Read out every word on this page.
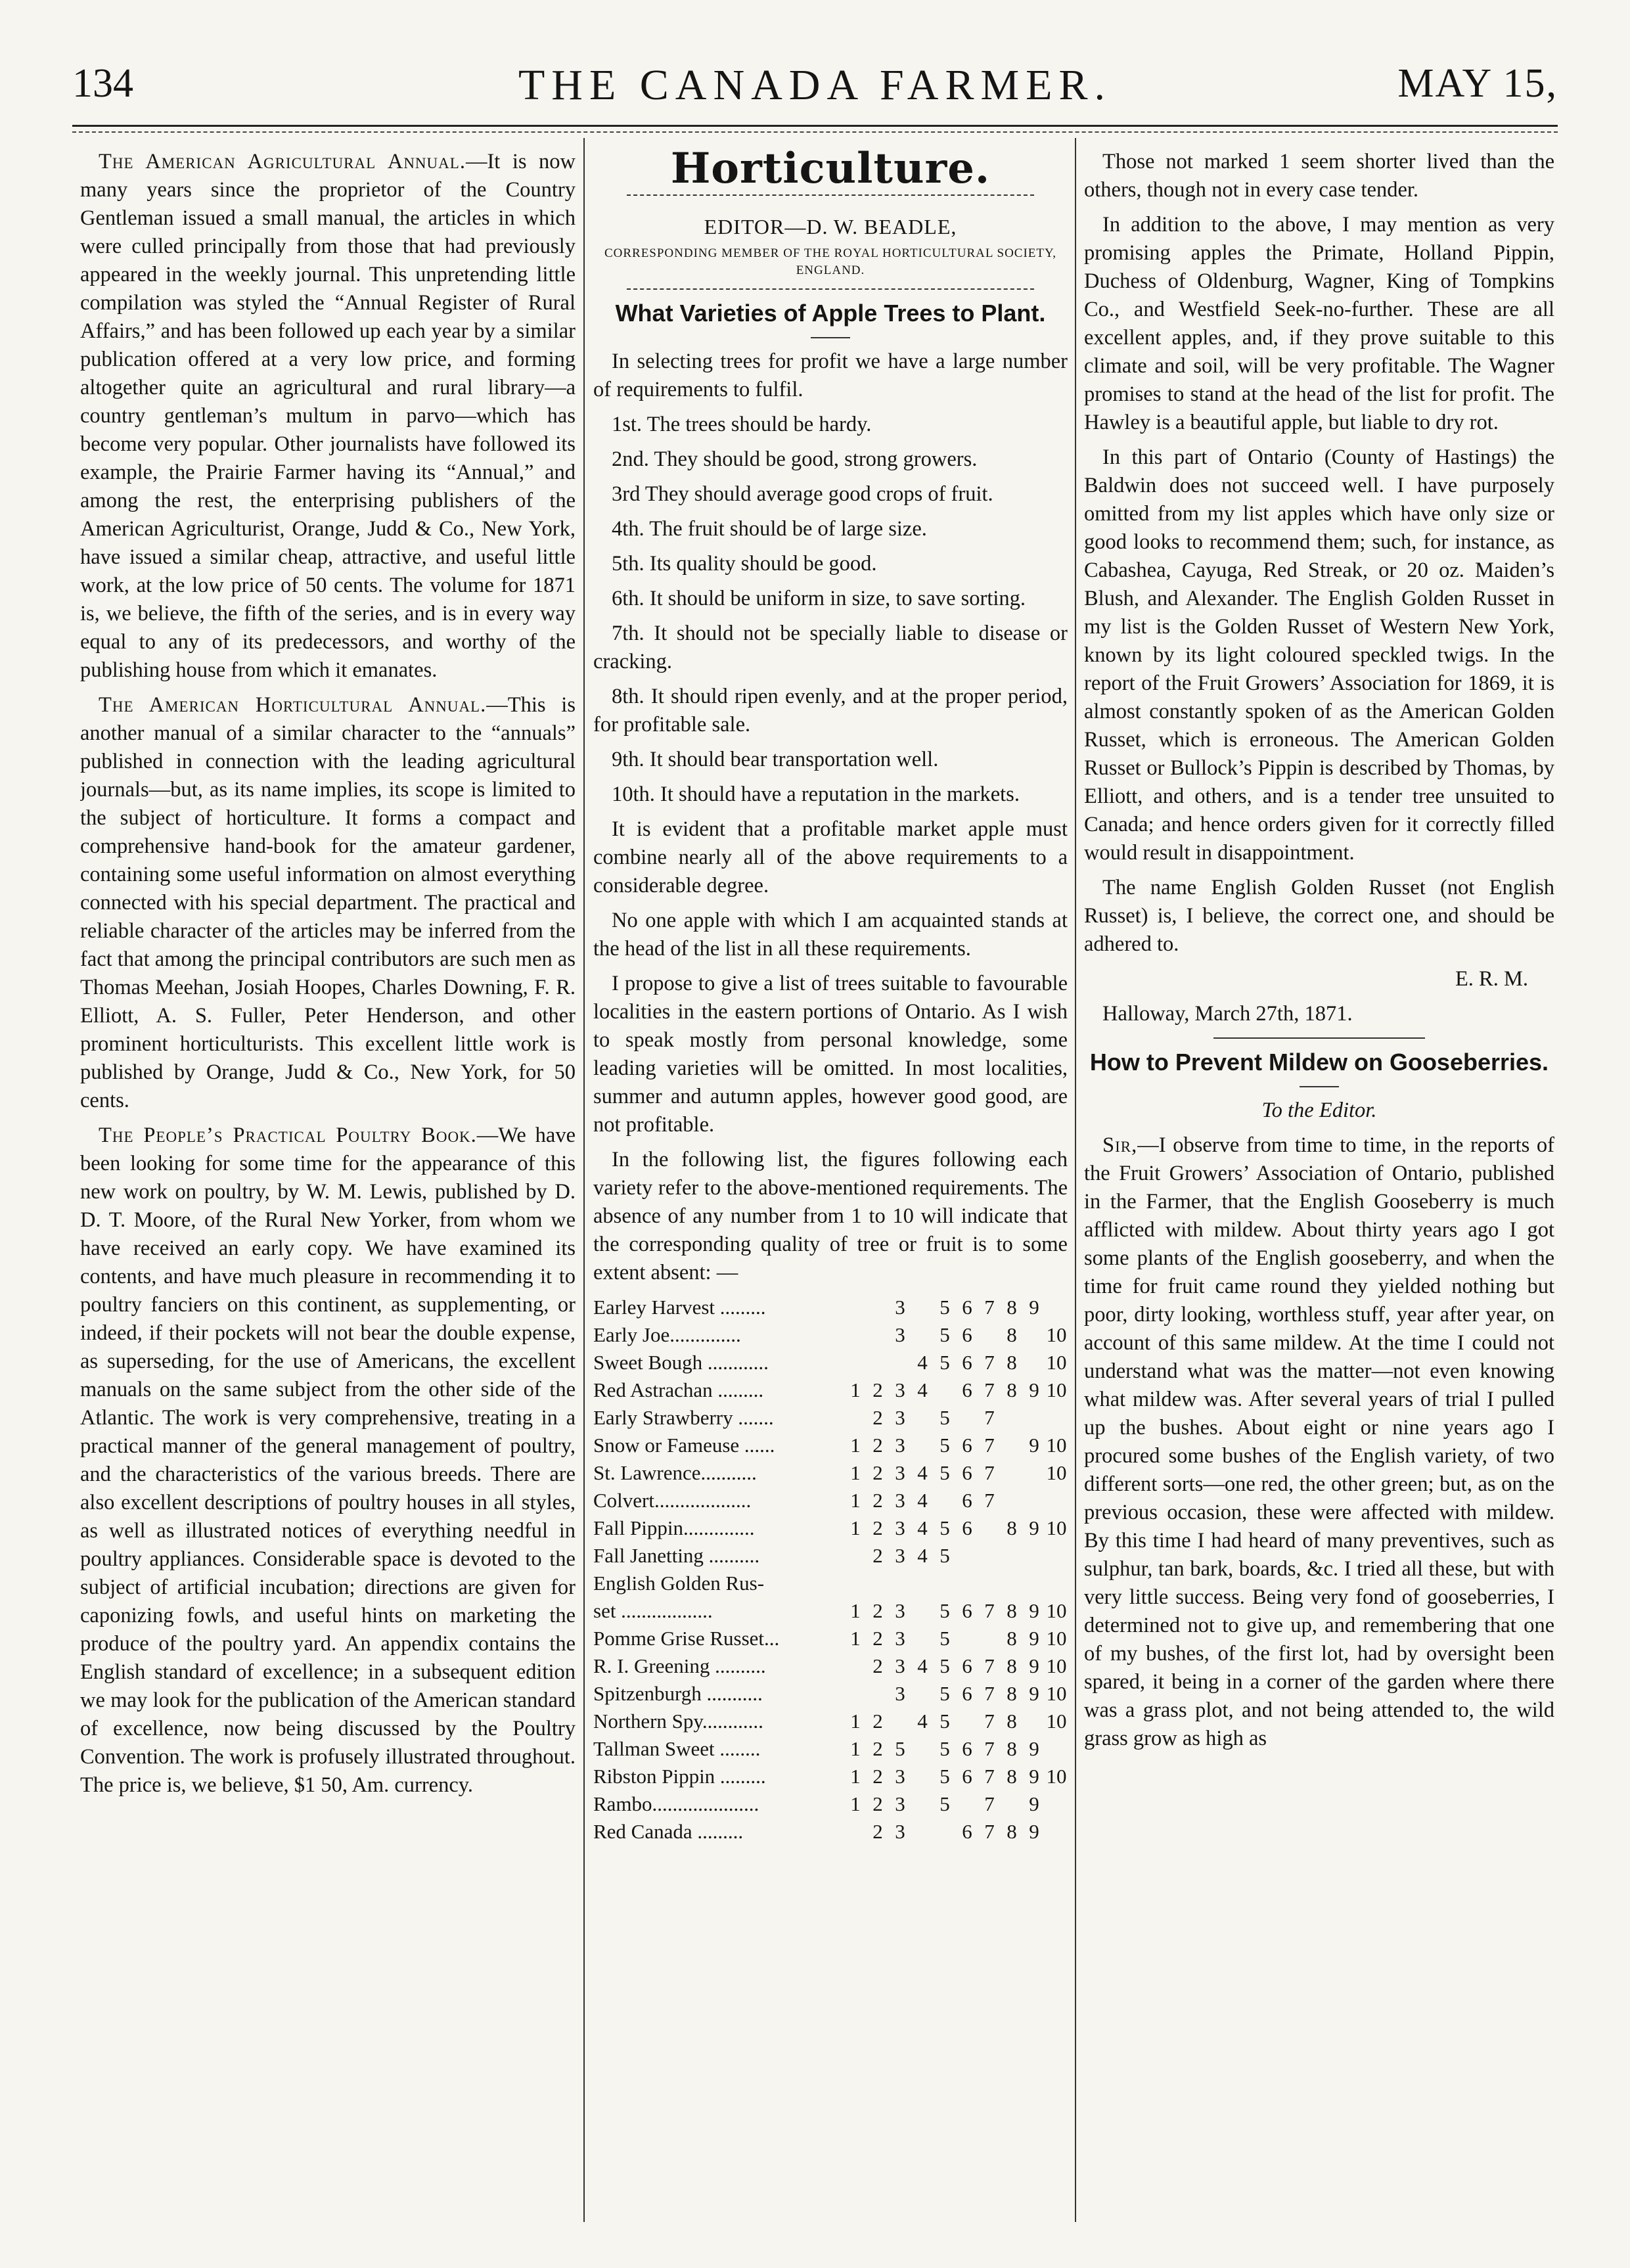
134	THE CANADA FARMER.	MAY 15,

The American Agricultural Annual.—It is now many years since the proprietor of the Country Gentleman issued a small manual, the articles in which were culled principally from those that had previously appeared in the weekly journal. This unpretending little compilation was styled the “Annual Register of Rural Affairs,” and has been followed up each year by a similar publication offered at a very low price, and forming altogether quite an agricultural and rural library—a country gentleman’s multum in parvo—which has become very popular. Other journalists have followed its example, the Prairie Farmer having its “Annual,” and among the rest, the enterprising publishers of the American Agriculturist, Orange, Judd & Co., New York, have issued a similar cheap, attractive, and useful little work, at the low price of 50 cents. The volume for 1871 is, we believe, the fifth of the series, and is in every way equal to any of its predecessors, and worthy of the publishing house from which it emanates.

The American Horticultural Annual.—This is another manual of a similar character to the “annuals” published in connection with the leading agricultural journals—but, as its name implies, its scope is limited to the subject of horticulture. It forms a compact and comprehensive hand-book for the amateur gardener, containing some useful information on almost everything connected with his special department. The practical and reliable character of the articles may be inferred from the fact that among the principal contributors are such men as Thomas Meehan, Josiah Hoopes, Charles Downing, F. R. Elliott, A. S. Fuller, Peter Henderson, and other prominent horticulturists. This excellent little work is published by Orange, Judd & Co., New York, for 50 cents.

The People’s Practical Poultry Book.—We have been looking for some time for the appearance of this new work on poultry, by W. M. Lewis, published by D. D. T. Moore, of the Rural New Yorker, from whom we have received an early copy. We have examined its contents, and have much pleasure in recommending it to poultry fanciers on this continent, as supplementing, or indeed, if their pockets will not bear the double expense, as superseding, for the use of Americans, the excellent manuals on the same subject from the other side of the Atlantic. The work is very comprehensive, treating in a practical manner of the general management of poultry, and the characteristics of the various breeds. There are also excellent descriptions of poultry houses in all styles, as well as illustrated notices of everything needful in poultry appliances. Considerable space is devoted to the subject of artificial incubation; directions are given for caponizing fowls, and useful hints on marketing the produce of the poultry yard. An appendix contains the English standard of excellence; in a subsequent edition we may look for the publication of the American standard of excellence, now being discussed by the Poultry Convention. The work is profusely illustrated throughout. The price is, we believe, $1 50, Am. currency.

Horticulture.
EDITOR—D. W. BEADLE,
CORRESPONDING MEMBER OF THE ROYAL HORTICULTURAL SOCIETY, ENGLAND.
What Varieties of Apple Trees to Plant.

In selecting trees for profit we have a large number of requirements to fulfil.

1st. The trees should be hardy.

2nd. They should be good, strong growers.

3rd They should average good crops of fruit.

4th. The fruit should be of large size.

5th. Its quality should be good.

6th. It should be uniform in size, to save sorting.

7th. It should not be specially liable to disease or cracking.

8th. It should ripen evenly, and at the proper period, for profitable sale.

9th. It should bear transportation well.

10th. It should have a reputation in the markets.

It is evident that a profitable market apple must combine nearly all of the above requirements to a considerable degree.

No one apple with which I am acquainted stands at the head of the list in all these requirements.

I propose to give a list of trees suitable to favourable localities in the eastern portions of Ontario. As I wish to speak mostly from personal knowledge, some leading varieties will be omitted. In most localities, summer and autumn apples, however good good, are not profitable.

In the following list, the figures following each variety refer to the above-mentioned requirements. The absence of any number from 1 to 10 will indicate that the corresponding quality of tree or fruit is to some extent absent: —

Earley Harvest .........			3		5	6	7	8	9	
Early Joe..............			3		5	6		8		10
Sweet Bough ............				4	5	6	7	8		10
Red Astrachan .........	1	2	3	4		6	7	8	9	10
Early Strawberry .......		2	3		5		7			
Snow or Fameuse ......	1	2	3		5	6	7		9	10
St. Lawrence...........	1	2	3	4	5	6	7			10
Colvert...................	1	2	3	4		6	7			
Fall Pippin..............	1	2	3	4	5	6		8	9	10
Fall Janetting ..........		2	3	4	5					
English Golden Rus-										
set ..................	1	2	3		5	6	7	8	9	10
Pomme Grise Russet...	1	2	3		5			8	9	10
R. I. Greening ..........		2	3	4	5	6	7	8	9	10
Spitzenburgh ...........			3		5	6	7	8	9	10
Northern Spy............	1	2		4	5		7	8		10
Tallman Sweet ........	1	2	5		5	6	7	8	9	
Ribston Pippin .........	1	2	3		5	6	7	8	9	10
Rambo.....................	1	2	3		5		7		9	
Red Canada .........		2	3			6	7	8	9	

Those not marked 1 seem shorter lived than the others, though not in every case tender.

In addition to the above, I may mention as very promising apples the Primate, Holland Pippin, Duchess of Oldenburg, Wagner, King of Tompkins Co., and Westfield Seek-no-further. These are all excellent apples, and, if they prove suitable to this climate and soil, will be very profitable. The Wagner promises to stand at the head of the list for profit. The Hawley is a beautiful apple, but liable to dry rot.

In this part of Ontario (County of Hastings) the Baldwin does not succeed well. I have purposely omitted from my list apples which have only size or good looks to recommend them; such, for instance, as Cabashea, Cayuga, Red Streak, or 20 oz. Maiden’s Blush, and Alexander. The English Golden Russet in my list is the Golden Russet of Western New York, known by its light coloured speckled twigs. In the report of the Fruit Growers’ Association for 1869, it is almost constantly spoken of as the American Golden Russet, which is erroneous. The American Golden Russet or Bullock’s Pippin is described by Thomas, by Elliott, and others, and is a tender tree unsuited to Canada; and hence orders given for it correctly filled would result in disappointment.

The name English Golden Russet (not English Russet) is, I believe, the correct one, and should be adhered to.

E. R. M.

Halloway, March 27th, 1871.

How to Prevent Mildew on Gooseberries.

To the Editor.

Sir,—I observe from time to time, in the reports of the Fruit Growers’ Association of Ontario, published in the Farmer, that the English Gooseberry is much afflicted with mildew. About thirty years ago I got some plants of the English gooseberry, and when the time for fruit came round they yielded nothing but poor, dirty looking, worthless stuff, year after year, on account of this same mildew. At the time I could not understand what was the matter—not even knowing what mildew was. After several years of trial I pulled up the bushes. About eight or nine years ago I procured some bushes of the English variety, of two different sorts—one red, the other green; but, as on the previous occasion, these were affected with mildew. By this time I had heard of many preventives, such as sulphur, tan bark, boards, &c. I tried all these, but with very little success. Being very fond of gooseberries, I determined not to give up, and remembering that one of my bushes, of the first lot, had by oversight been spared, it being in a corner of the garden where there was a grass plot, and not being attended to, the wild grass grow as high as
